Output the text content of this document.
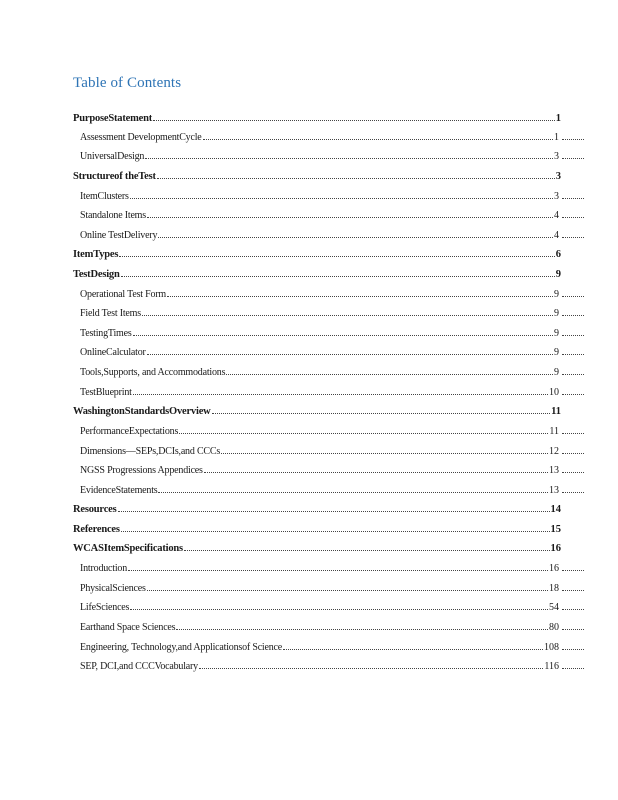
Table of Contents
PurposeStatement	1
Assessment DevelopmentCycle	1
UniversalDesign	3
Structureof theTest	3
ItemClusters	3
Standalone Items	4
Online TestDelivery	4
ItemTypes	6
TestDesign	9
Operational Test Form	9
Field Test Items	9
TestingTimes	9
OnlineCalculator	9
Tools,Supports, and Accommodations	9
TestBlueprint	10
WashingtonStandardsOverview	11
PerformanceExpectations	11
Dimensions—SEPs,DCIs,and CCCs	12
NGSS Progressions Appendices	13
EvidenceStatements	13
Resources	14
References	15
WCASItemSpecifications	16
Introduction	16
PhysicalSciences	18
LifeSciences	54
Earthand Space Sciences	80
Engineering, Technology,and Applicationsof Science	108
SEP, DCI,and CCCVocabulary	116
